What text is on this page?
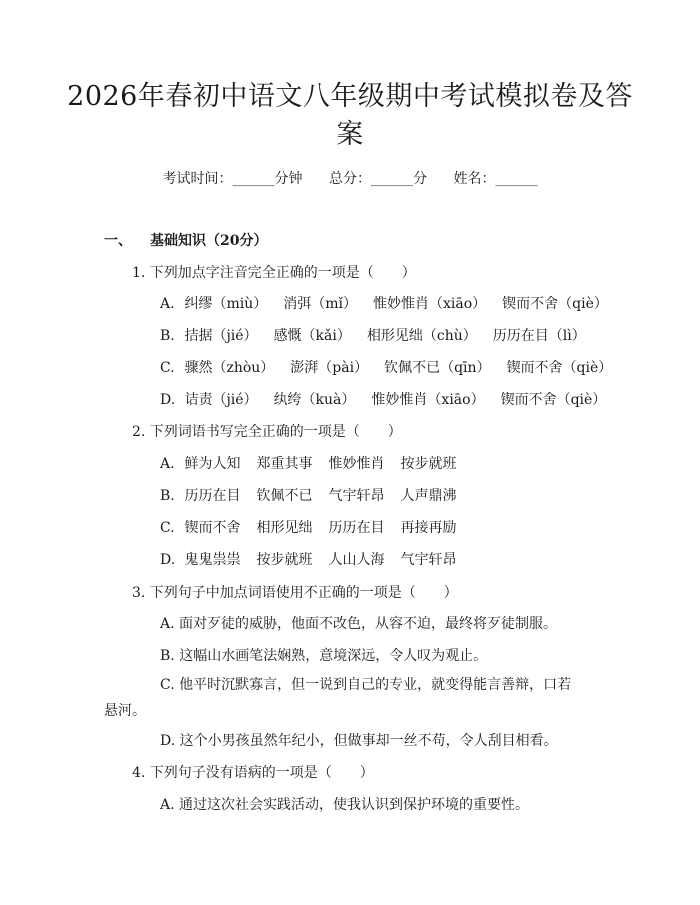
2026年春初中语文八年级期中考试模拟卷及答案
考试时间：______分钟 总分：______分 姓名：______
一、 基础知识（20分）
1. 下列加点字注音完全正确的一项是（　　）
A. 纠缪（miù） 消弭（mǐ） 惟妙惟肖（xiāo） 锲而不舍（qiè）
B. 拮据（jié） 感慨（kǎi） 相形见绌（chù） 历历在目（lì）
C. 骤然（zhòu） 澎湃（pài） 钦佩不已（qīn） 锲而不舍（qiè）
D. 诘责（jié） 纨绔（kuà） 惟妙惟肖（xiāo） 锲而不舍（qiè）
2. 下列词语书写完全正确的一项是（　　）
A. 鲜为人知 郑重其事 惟妙惟肖 按步就班
B. 历历在目 钦佩不已 气宇轩昂 人声鼎沸
C. 锲而不舍 相形见绌 历历在目 再接再励
D. 鬼鬼祟祟 按步就班 人山人海 气宇轩昂
3. 下列句子中加点词语使用不正确的一项是（　　）
A. 面对歹徒的威胁，他面不改色，从容不迫，最终将歹徒制服。
B. 这幅山水画笔法娴熟，意境深远，令人叹为观止。
C. 他平时沉默寡言，但一说到自己的专业，就变得能言善辩，口若悬河。
D. 这个小男孩虽然年纪小，但做事却一丝不苟，令人刮目相看。
4. 下列句子没有语病的一项是（　　）
A. 通过这次社会实践活动，使我认识到保护环境的重要性。
